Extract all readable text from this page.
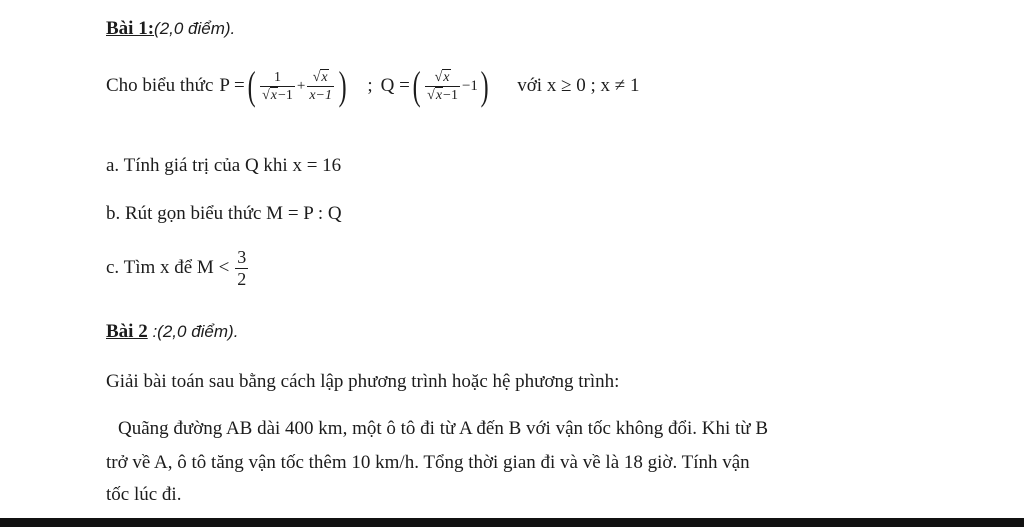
Bài 1:(2,0 điểm).
Cho biểu thức P = ( $\frac{1}{√ x -1} + \frac{√ x}{x-1}$ ) ; Q = ( $\frac{√ x}{√ x -1} -1$ ) với x ≥ 0 ; x ≠ 1
a. Tính giá trị của Q khi x = 16
b. Rút gọn biểu thức M = P : Q
c. Tìm x để $M < \frac{3}{2}$
Bài 2 :(2,0 điểm).
Giải bài toán sau bằng cách lập phương trình hoặc hệ phương trình:
Quãng đường AB dài 400 km, một ô tô đi từ A đến B với vận tốc không đổi. Khi từ B
trở về A, ô tô tăng vận tốc thêm 10 km/h. Tổng thời gian đi và về là 18 giờ. Tính vận
tốc lúc đi.
